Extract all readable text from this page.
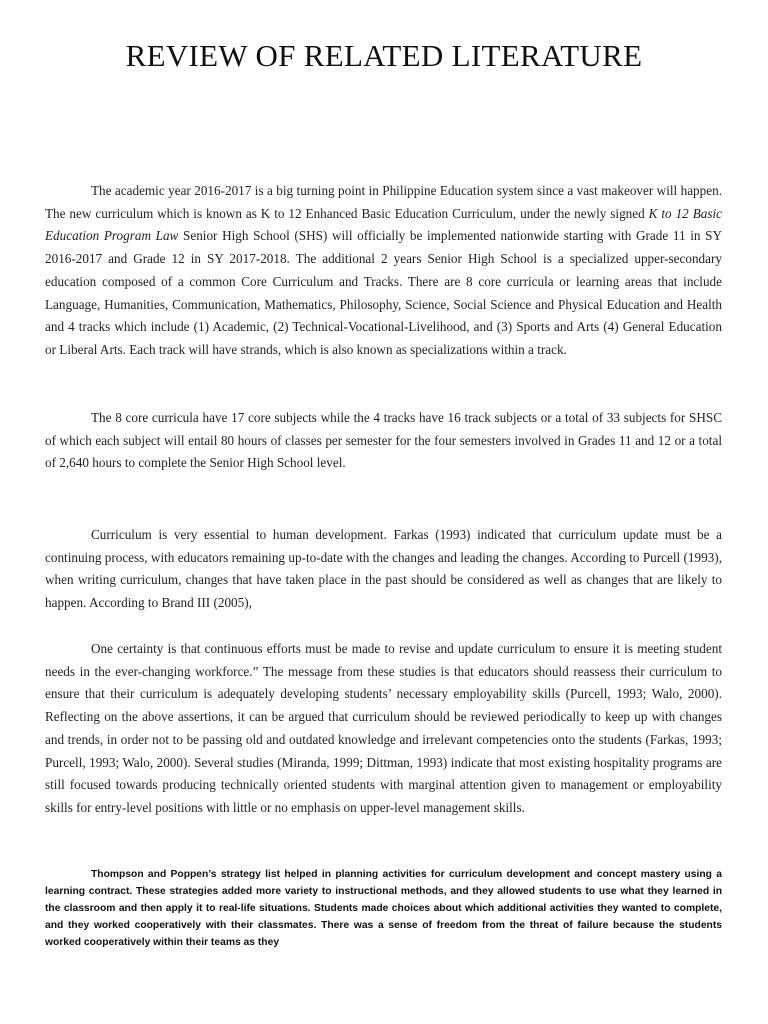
REVIEW OF RELATED LITERATURE

The academic year 2016-2017 is a big turning point in Philippine Education system since a vast makeover will happen. The new curriculum which is known as K to 12 Enhanced Basic Education Curriculum, under the newly signed K to 12 Basic Education Program Law Senior High School (SHS) will officially be implemented nationwide starting with Grade 11 in SY 2016-2017 and Grade 12 in SY 2017-2018. The additional 2 years Senior High School is a specialized upper-secondary education composed of a common Core Curriculum and Tracks. There are 8 core curricula or learning areas that include Language, Humanities, Communication, Mathematics, Philosophy, Science, Social Science and Physical Education and Health and 4 tracks which include (1) Academic, (2) Technical-Vocational-Livelihood, and (3) Sports and Arts (4) General Education or Liberal Arts. Each track will have strands, which is also known as specializations within a track.

The 8 core curricula have 17 core subjects while the 4 tracks have 16 track subjects or a total of 33 subjects for SHSC of which each subject will entail 80 hours of classes per semester for the four semesters involved in Grades 11 and 12 or a total of 2,640 hours to complete the Senior High School level.

Curriculum is very essential to human development. Farkas (1993) indicated that curriculum update must be a continuing process, with educators remaining up-to-date with the changes and leading the changes. According to Purcell (1993), when writing curriculum, changes that have taken place in the past should be considered as well as changes that are likely to happen. According to Brand III (2005),

One certainty is that continuous efforts must be made to revise and update curriculum to ensure it is meeting student needs in the ever-changing workforce.” The message from these studies is that educators should reassess their curriculum to ensure that their curriculum is adequately developing students’ necessary employability skills (Purcell, 1993; Walo, 2000). Reflecting on the above assertions, it can be argued that curriculum should be reviewed periodically to keep up with changes and trends, in order not to be passing old and outdated knowledge and irrelevant competencies onto the students (Farkas, 1993; Purcell, 1993; Walo, 2000). Several studies (Miranda, 1999; Dittman, 1993) indicate that most existing hospitality programs are still focused towards producing technically oriented students with marginal attention given to management or employability skills for entry-level positions with little or no emphasis on upper-level management skills.

Thompson and Poppen’s strategy list helped in planning activities for curriculum development and concept mastery using a learning contract. These strategies added more variety to instructional methods, and they allowed students to use what they learned in the classroom and then apply it to real-life situations. Students made choices about which additional activities they wanted to complete, and they worked cooperatively with their classmates. There was a sense of freedom from the threat of failure because the students worked cooperatively within their teams as they
